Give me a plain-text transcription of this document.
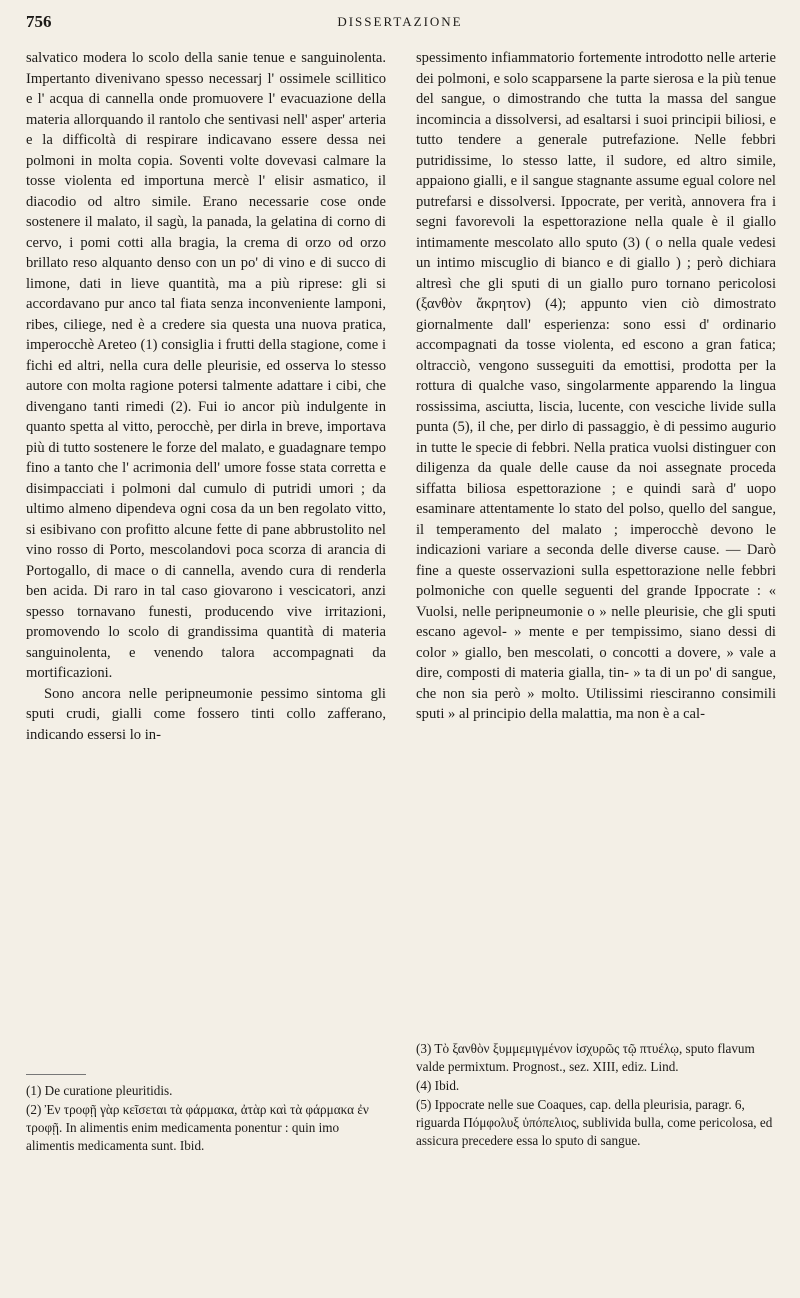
756	DISSERTAZIONE

salvatico modera lo scolo della sanie tenue e sanguinolenta. Impertanto divenivano spesso necessarj l' ossimele scillitico e l' acqua di cannella onde promuovere l' evacuazione della materia allorquando il rantolo che sentivasi nell' asper' arteria e la difficoltà di respirare indicavano essere dessa nei polmoni in molta copia. Soventi volte dovevasi calmare la tosse violenta ed importuna mercè l' elisir asmatico, il diacodio od altro simile. Erano necessarie cose onde sostenere il malato, il sagù, la panada, la gelatina di corno di cervo, i pomi cotti alla bragia, la crema di orzo od orzo brillato reso alquanto denso con un po' di vino e di succo di limone, dati in lieve quantità, ma a più riprese: gli si accordavano pur anco tal fiata senza inconveniente lamponi, ribes, ciliege, ned è a credere sia questa una nuova pratica, imperocchè Areteo (1) consiglia i frutti della stagione, come i fichi ed altri, nella cura delle pleurisie, ed osserva lo stesso autore con molta ragione potersi talmente adattare i cibi, che divengano tanti rimedi (2). Fui io ancor più indulgente in quanto spetta al vitto, perocchè, per dirla in breve, importava più di tutto sostenere le forze del malato, e guadagnare tempo fino a tanto che l' acrimonia dell' umore fosse stata corretta e disimpacciati i polmoni dal cumulo di putridi umori ; da ultimo almeno dipendeva ogni cosa da un ben regolato vitto, si esibivano con profitto alcune fette di pane abbrustolito nel vino rosso di Porto, mescolandovi poca scorza di arancia di Portogallo, di mace o di cannella, avendo cura di renderla ben acida. Di raro in tal caso giovarono i vescicatori, anzi spesso tornavano funesti, producendo vive irritazioni, promovendo lo scolo di grandissima quantità di materia sanguinolenta, e venendo talora accompagnati da mortificazioni.

Sono ancora nelle peripneumonie pessimo sintoma gli sputi crudi, gialli come fossero tinti collo zafferano, indicando essersi lo in-

spessimento infiammatorio fortemente introdotto nelle arterie dei polmoni, e solo scapparsene la parte sierosa e la più tenue del sangue, o dimostrando che tutta la massa del sangue incomincia a dissolversi, ad esaltarsi i suoi principii biliosi, e tutto tendere a generale putrefazione. Nelle febbri putridissime, lo stesso latte, il sudore, ed altro simile, appaiono gialli, e il sangue stagnante assume egual colore nel putrefarsi e dissolversi. Ippocrate, per verità, annovera fra i segni favorevoli la espettorazione nella quale è il giallo intimamente mescolato allo sputo (3) ( o nella quale vedesi un intimo miscuglio di bianco e di giallo ) ; però dichiara altresì che gli sputi di un giallo puro tornano pericolosi (ξανθὸν ἄκρητον) (4); appunto vien ciò dimostrato giornalmente dall' esperienza: sono essi d' ordinario accompagnati da tosse violenta, ed escono a gran fatica; oltracciò, vengono susseguiti da emottisi, prodotta per la rottura di qualche vaso, singolarmente apparendo la lingua rossissima, asciutta, liscia, lucente, con vesciche livide sulla punta (5), il che, per dirlo di passaggio, è di pessimo augurio in tutte le specie di febbri. Nella pratica vuolsi distinguer con diligenza da quale delle cause da noi assegnate proceda siffatta biliosa espettorazione ; e quindi sarà d' uopo esaminare attentamente lo stato del polso, quello del sangue, il temperamento del malato ; imperocchè devono le indicazioni variare a seconda delle diverse cause. — Darò fine a queste osservazioni sulla espettorazione nelle febbri polmoniche con quelle seguenti del grande Ippocrate : « Vuolsi, nelle peripneumonie o » nelle pleurisie, che gli sputi escano agevol- » mente e per tempissimo, siano dessi di color » giallo, ben mescolati, o concotti a dovere, » vale a dire, composti di materia gialla, tin- » ta di un po' di sangue, che non sia però » molto. Utilissimi riesciranno consimili sputi » al principio della malattia, ma non è a cal-

(1) De curatione pleuritidis.

(2) Ἐν τροφῇ γὰρ κεῖσεται τὰ φάρμακα, ἀτὰρ καὶ τὰ φάρμακα ἐν τροφῇ. In alimentis enim medicamenta ponentur : quin imo alimentis medicamenta sunt. Ibid.

(3) Τὸ ξανθὸν ξυμμεμιγμένον ἰσχυρῶς τῷ πτυέλῳ, sputo flavum valde permixtum. Prognost., sez. XIII, ediz. Lind.

(4) Ibid.

(5) Ippocrate nelle sue Coaques, cap. della pleurisia, paragr. 6, riguarda Πόμφολυξ ὑπόπελιος, sublivida bulla, come pericolosa, ed assicura precedere essa lo sputo di sangue.
